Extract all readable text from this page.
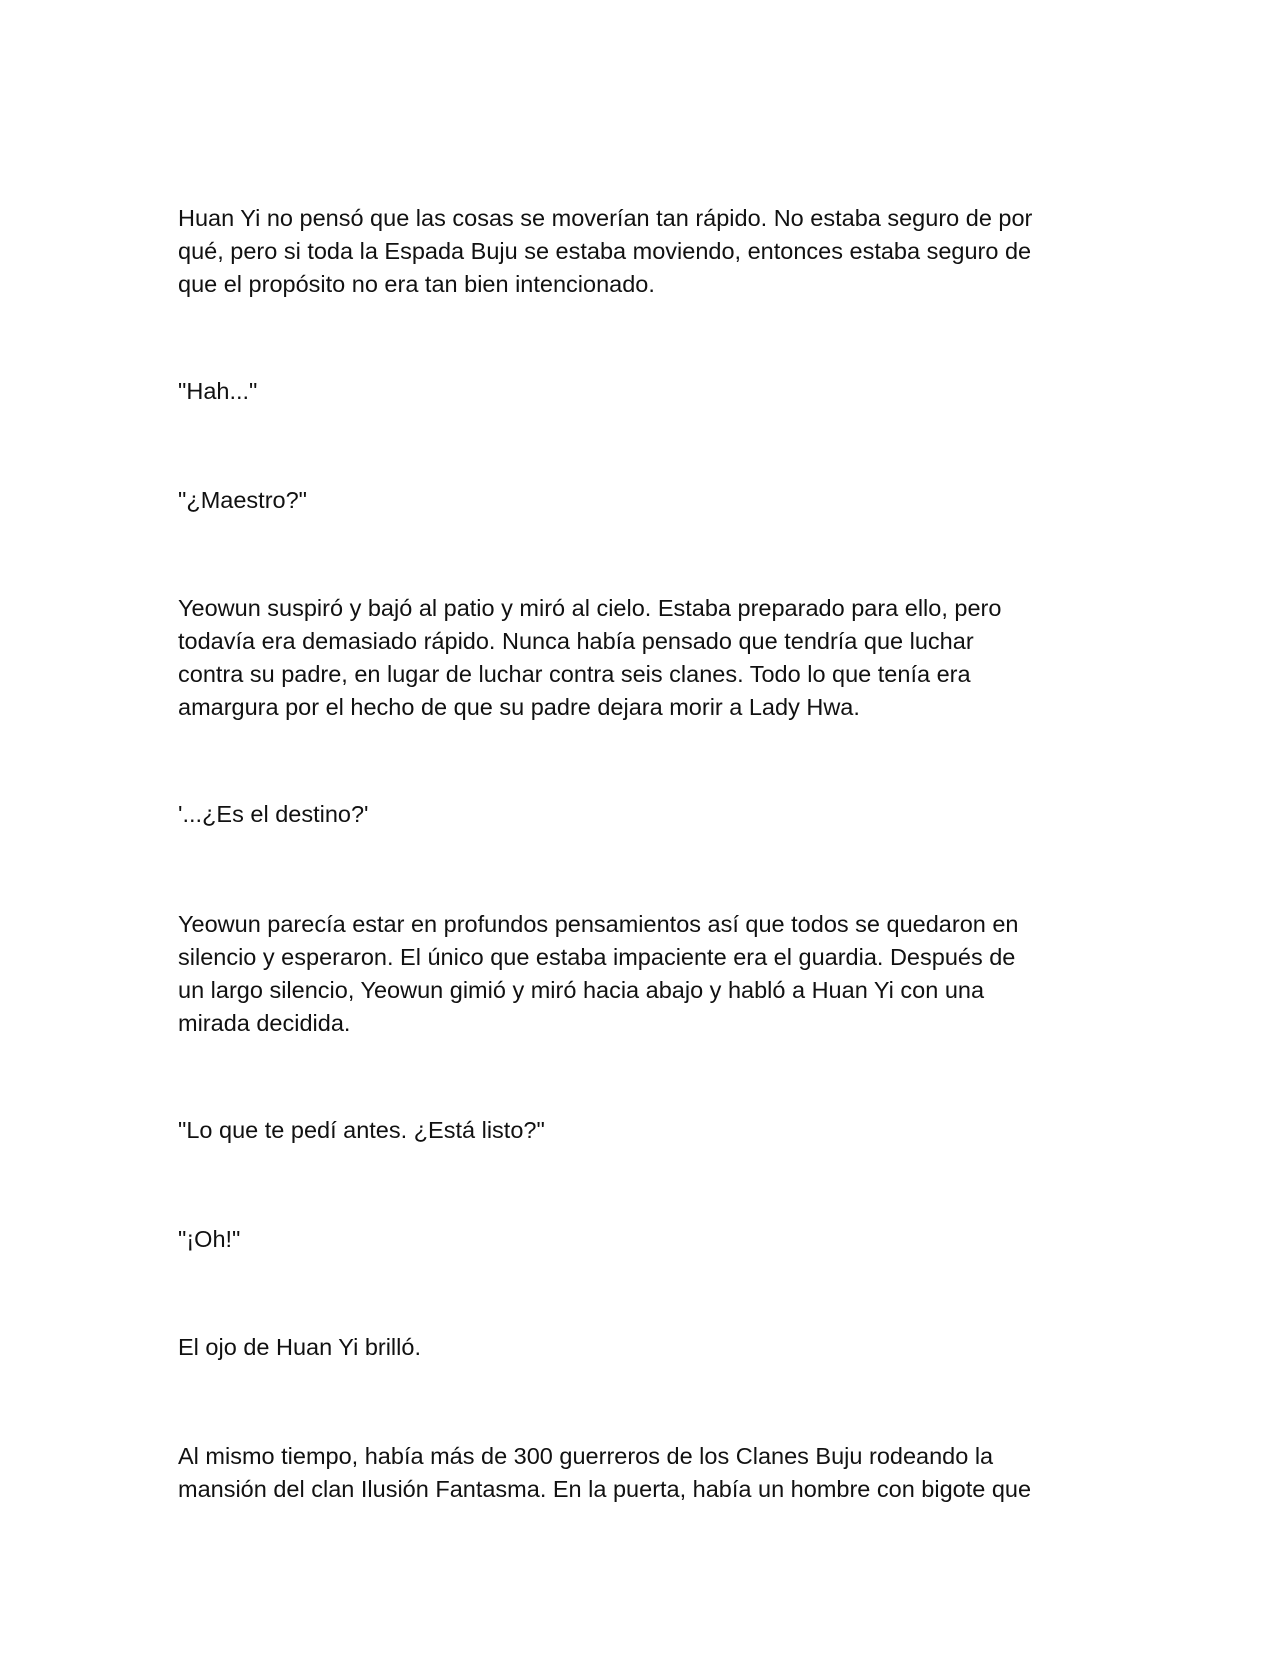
Huan Yi no pensó que las cosas se moverían tan rápido. No estaba seguro de por
qué, pero si toda la Espada Buju se estaba moviendo, entonces estaba seguro de
que el propósito no era tan bien intencionado.

"Hah..."

"¿Maestro?"

Yeowun suspiró y bajó al patio y miró al cielo. Estaba preparado para ello, pero
todavía era demasiado rápido. Nunca había pensado que tendría que luchar
contra su padre, en lugar de luchar contra seis clanes. Todo lo que tenía era
amargura por el hecho de que su padre dejara morir a Lady Hwa.

'...¿Es el destino?'

Yeowun parecía estar en profundos pensamientos así que todos se quedaron en
silencio y esperaron. El único que estaba impaciente era el guardia. Después de
un largo silencio, Yeowun gimió y miró hacia abajo y habló a Huan Yi con una
mirada decidida.

"Lo que te pedí antes. ¿Está listo?"

"¡Oh!"

El ojo de Huan Yi brilló.

Al mismo tiempo, había más de 300 guerreros de los Clanes Buju rodeando la
mansión del clan Ilusión Fantasma. En la puerta, había un hombre con bigote que
